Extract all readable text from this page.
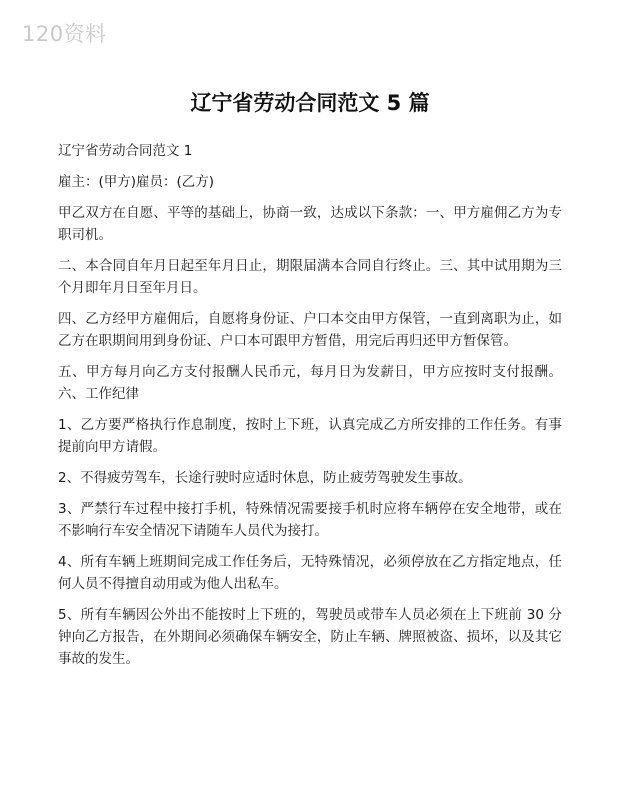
120资料
辽宁省劳动合同范文 5 篇

辽宁省劳动合同范文 1

雇主：(甲方)雇员：(乙方)

甲乙双方在自愿、平等的基础上，协商一致，达成以下条款：一、甲方雇佣乙方为专职司机。

二、本合同自年月日起至年月日止，期限届满本合同自行终止。三、其中试用期为三个月即年月日至年月日。

四、乙方经甲方雇佣后，自愿将身份证、户口本交由甲方保管，一直到离职为止，如乙方在职期间用到身份证、户口本可跟甲方暂借，用完后再归还甲方暂保管。

五、甲方每月向乙方支付报酬人民币元，每月日为发薪日，甲方应按时支付报酬。六、工作纪律

1、乙方要严格执行作息制度，按时上下班，认真完成乙方所安排的工作任务。有事提前向甲方请假。

2、不得疲劳驾车，长途行驶时应适时休息，防止疲劳驾驶发生事故。

3、严禁行车过程中接打手机，特殊情况需要接手机时应将车辆停在安全地带，或在不影响行车安全情况下请随车人员代为接打。

4、所有车辆上班期间完成工作任务后，无特殊情况，必须停放在乙方指定地点，任何人员不得擅自动用或为他人出私车。

5、所有车辆因公外出不能按时上下班的，驾驶员或带车人员必须在上下班前 30 分钟向乙方报告，在外期间必须确保车辆安全，防止车辆、牌照被盗、损坏，以及其它事故的发生。
